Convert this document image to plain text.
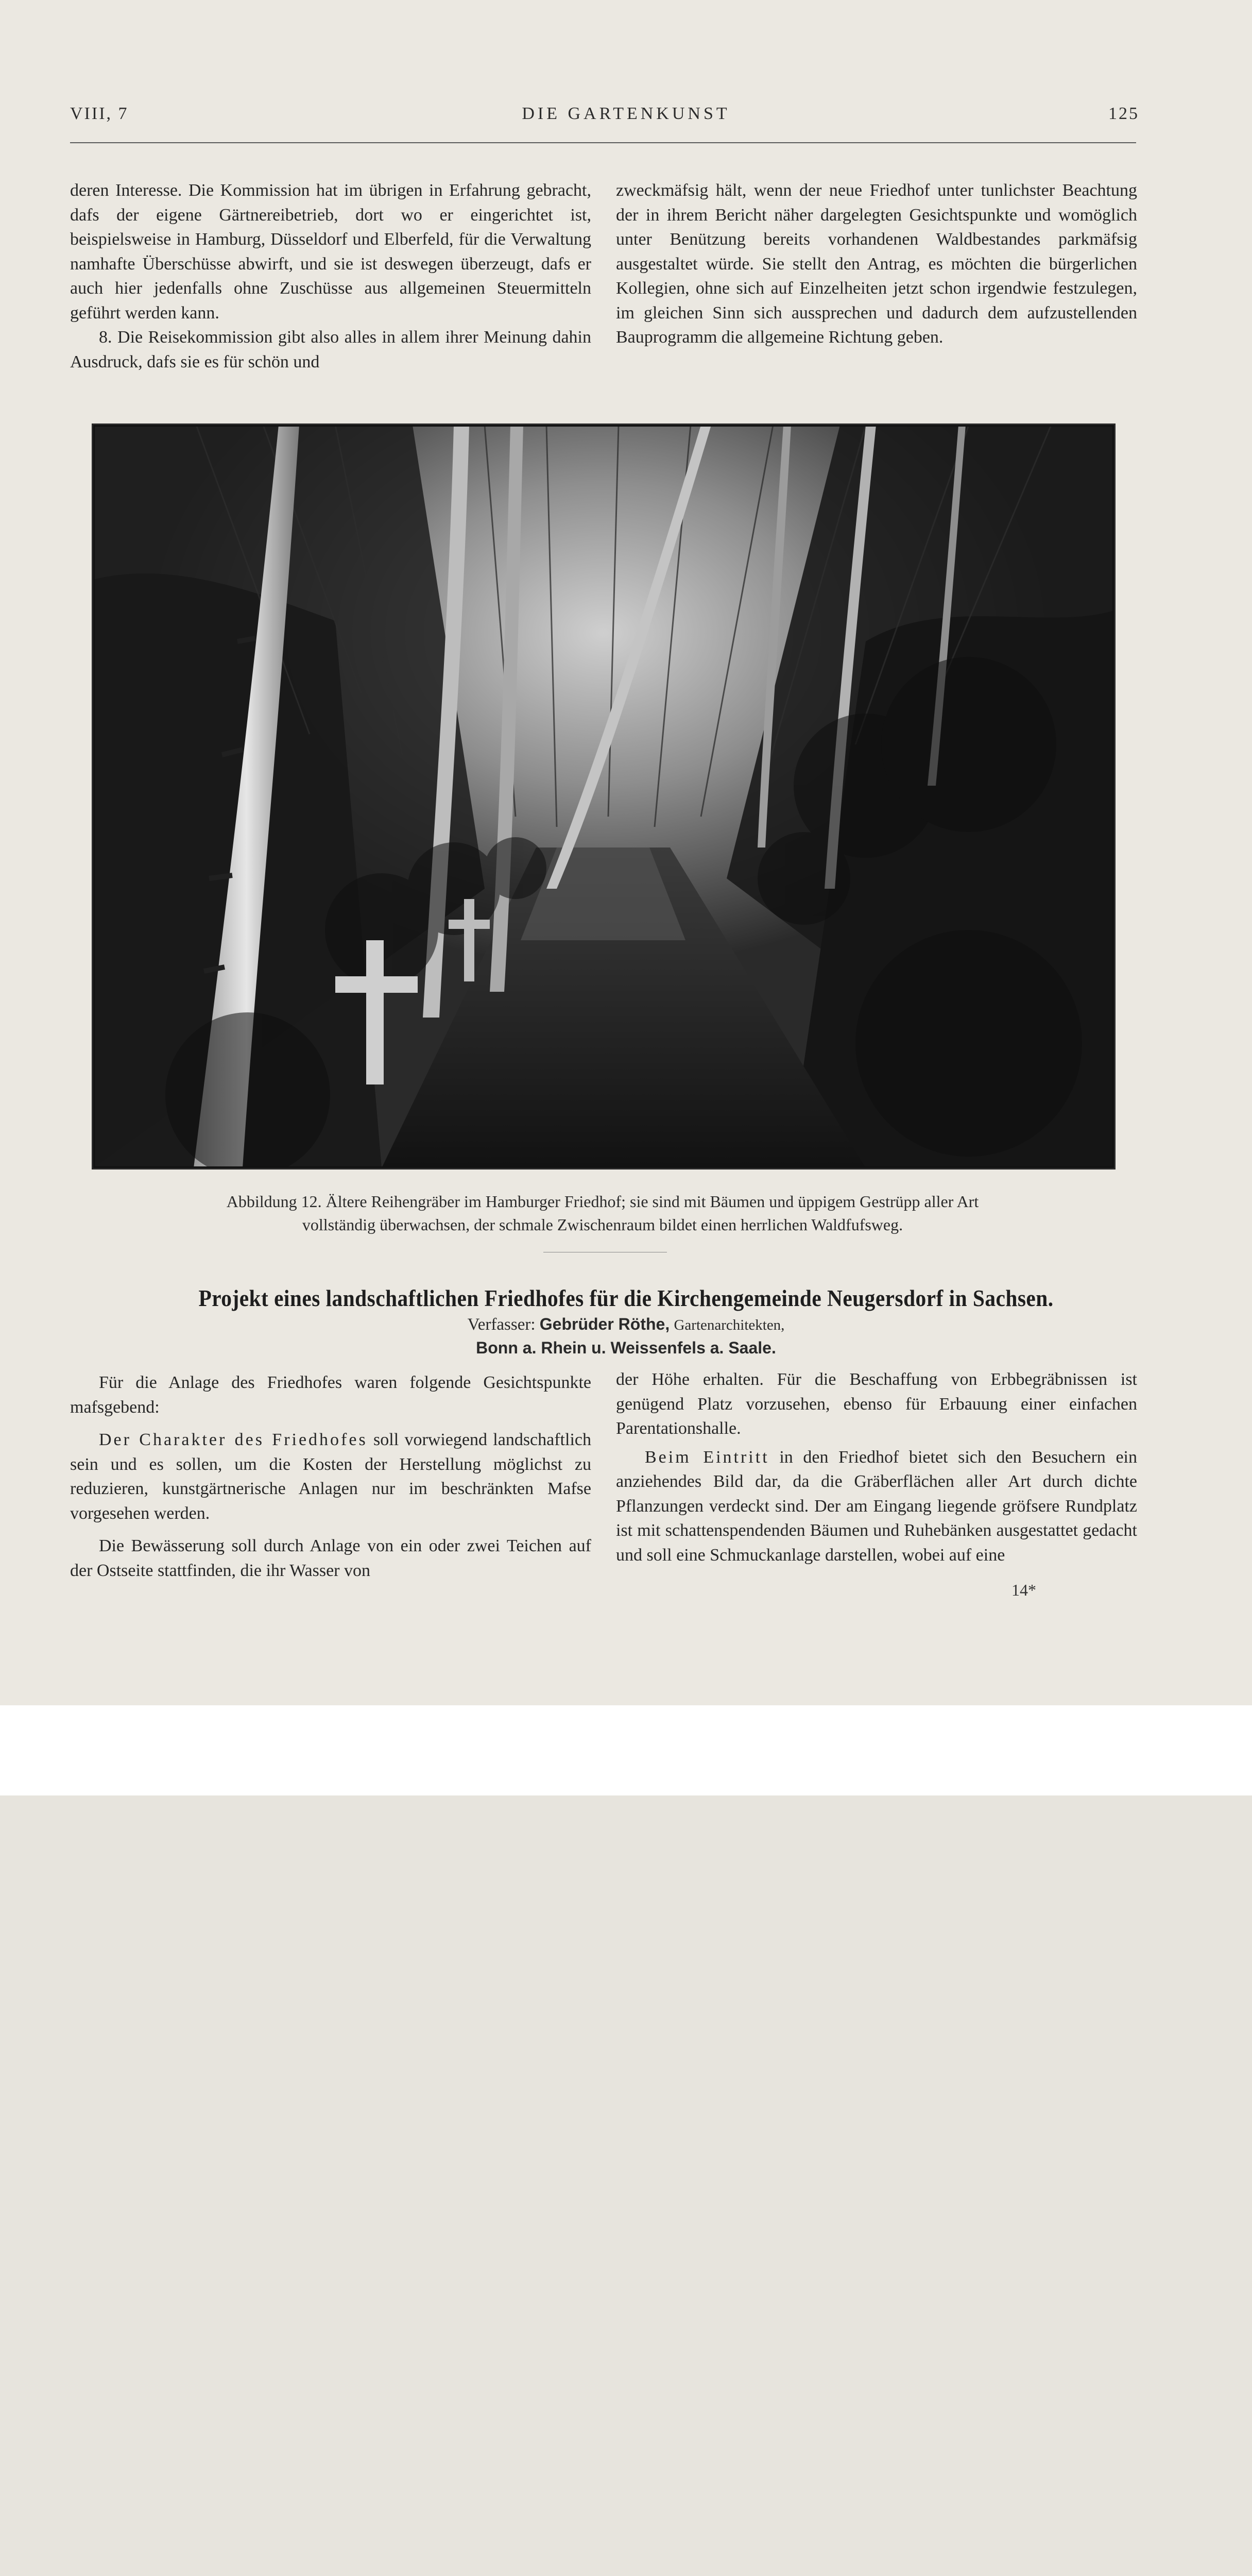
VIII, 7	DIE GARTENKUNST	125

deren Interesse. Die Kommission hat im übrigen in Erfahrung gebracht, dafs der eigene Gärtnereibetrieb, dort wo er eingerichtet ist, beispielsweise in Hamburg, Düsseldorf und Elberfeld, für die Verwaltung namhafte Überschüsse abwirft, und sie ist deswegen überzeugt, dafs er auch hier jedenfalls ohne Zuschüsse aus allgemeinen Steuermitteln geführt werden kann.

8. Die Reisekommission gibt also alles in allem ihrer Meinung dahin Ausdruck, dafs sie es für schön und

zweckmäfsig hält, wenn der neue Friedhof unter tunlichster Beachtung der in ihrem Bericht näher dargelegten Gesichtspunkte und womöglich unter Benützung bereits vorhandenen Waldbestandes parkmäfsig ausgestaltet würde. Sie stellt den Antrag, es möchten die bürgerlichen Kollegien, ohne sich auf Einzelheiten jetzt schon irgendwie festzulegen, im gleichen Sinn sich aussprechen und dadurch dem aufzustellenden Bauprogramm die allgemeine Richtung geben.

Abbildung 12. Ältere Reihengräber im Hamburger Friedhof; sie sind mit Bäumen und üppigem Gestrüpp aller Art
vollständig überwachsen, der schmale Zwischenraum bildet einen herrlichen Waldfufsweg.
Projekt eines landschaftlichen Friedhofes für die Kirchengemeinde Neugersdorf in Sachsen.
Verfasser: Gebrüder Röthe, Gartenarchitekten,
Bonn a. Rhein u. Weissenfels a. Saale.

Für die Anlage des Friedhofes waren folgende Gesichtspunkte mafsgebend:

Der Charakter des Friedhofes soll vorwiegend landschaftlich sein und es sollen, um die Kosten der Herstellung möglichst zu reduzieren, kunstgärtnerische Anlagen nur im beschränkten Mafse vorgesehen werden.

Die Bewässerung soll durch Anlage von ein oder zwei Teichen auf der Ostseite stattfinden, die ihr Wasser von

der Höhe erhalten. Für die Beschaffung von Erbbegräbnissen ist genügend Platz vorzusehen, ebenso für Erbauung einer einfachen Parentationshalle.

Beim Eintritt in den Friedhof bietet sich den Besuchern ein anziehendes Bild dar, da die Gräberflächen aller Art durch dichte Pflanzungen verdeckt sind. Der am Eingang liegende gröfsere Rundplatz ist mit schattenspendenden Bäumen und Ruhebänken ausgestattet gedacht und soll eine Schmuckanlage darstellen, wobei auf eine

14*
